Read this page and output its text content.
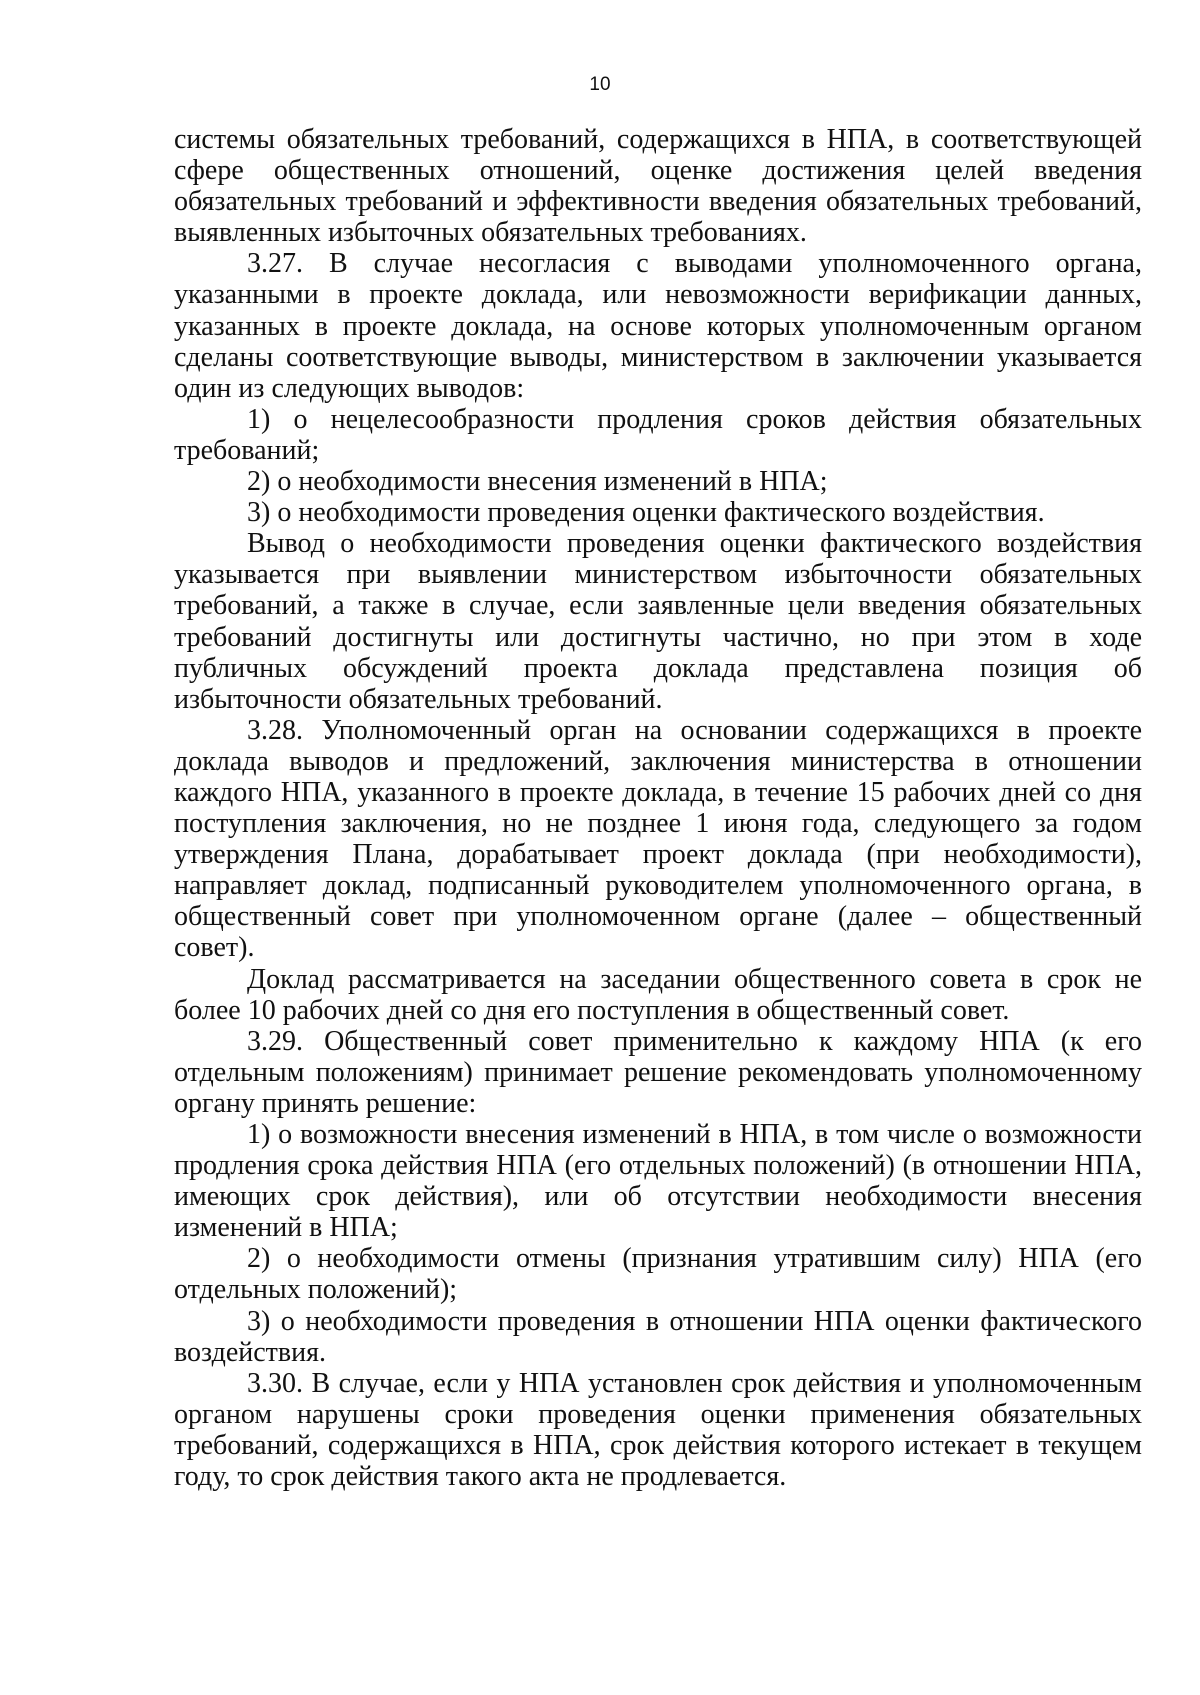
10

системы обязательных требований, содержащихся в НПА, в соответствующей сфере общественных отношений, оценке достижения целей введения обязательных требований и эффективности введения обязательных требований, выявленных избыточных обязательных требованиях.

3.27. В случае несогласия с выводами уполномоченного органа, указанными в проекте доклада, или невозможности верификации данных, указанных в проекте доклада, на основе которых уполномоченным органом сделаны соответствующие выводы, министерством в заключении указывается один из следующих выводов:

1) о нецелесообразности продления сроков действия обязательных требований;

2) о необходимости внесения изменений в НПА;

3) о необходимости проведения оценки фактического воздействия.

Вывод о необходимости проведения оценки фактического воздействия указывается при выявлении министерством избыточности обязательных требований, а также в случае, если заявленные цели введения обязательных требований достигнуты или достигнуты частично, но при этом в ходе публичных обсуждений проекта доклада представлена позиция об избыточности обязательных требований.

3.28. Уполномоченный орган на основании содержащихся в проекте доклада выводов и предложений, заключения министерства в отношении каждого НПА, указанного в проекте доклада, в течение 15 рабочих дней со дня поступления заключения, но не позднее 1 июня года, следующего за годом утверждения Плана, дорабатывает проект доклада (при необходимости), направляет доклад, подписанный руководителем уполномоченного органа, в общественный совет при уполномоченном органе (далее – общественный совет).

Доклад рассматривается на заседании общественного совета в срок не более 10 рабочих дней со дня его поступления в общественный совет.

3.29. Общественный совет применительно к каждому НПА (к его отдельным положениям) принимает решение рекомендовать уполномоченному органу принять решение:

1) о возможности внесения изменений в НПА, в том числе о возможности продления срока действия НПА (его отдельных положений) (в отношении НПА, имеющих срок действия), или об отсутствии необходимости внесения изменений в НПА;

2) о необходимости отмены (признания утратившим силу) НПА (его отдельных положений);

3) о необходимости проведения в отношении НПА оценки фактического воздействия.

3.30. В случае, если у НПА установлен срок действия и уполномоченным органом нарушены сроки проведения оценки применения обязательных требований, содержащихся в НПА, срок действия которого истекает в текущем году, то срок действия такого акта не продлевается.
